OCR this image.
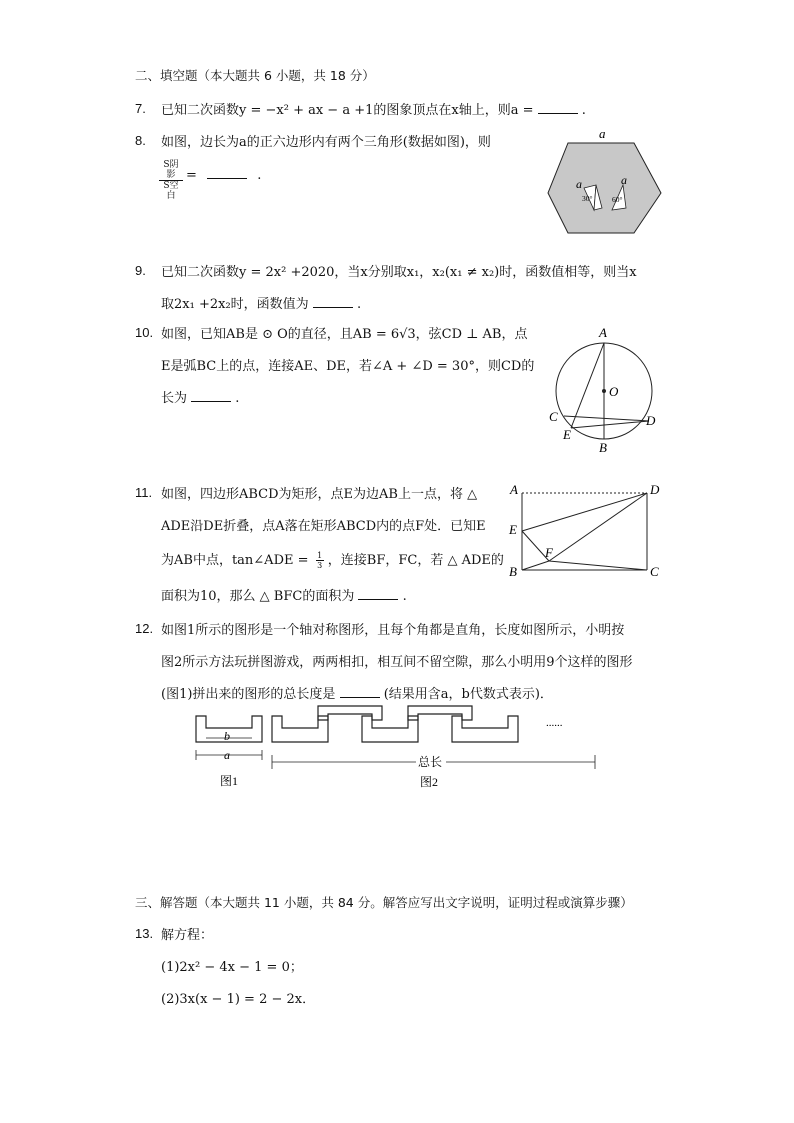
二、填空题（本大题共 6 小题，共 18 分）
7. 已知二次函数y = −x² + ax − a +1的图象顶点在x轴上，则a =	.
8. 如图，边长为a的正六边形内有两个三角形(数据如图)，则
S阴影
S空白
=	.
a
a	a
30°	60°
9. 已知二次函数y = 2x² +2020，当x分别取x₁，x₂(x₁ ≠ x₂)时，函数值相等，则当x
取2x₁ +2x₂时，函数值为	.
10. 如图，已知AB是 ⊙ O的直径，且AB = 6√3，弦CD ⊥ AB，点
E是弧BC上的点，连接AE、DE，若∠A + ∠D = 30°，则CD的
长为	.
A
O
C	D
E
B
11. 如图，四边形ABCD为矩形，点E为边AB上一点，将 △
ADE沿DE折叠，点A落在矩形ABCD内的点F处．已知E
为AB中点，tan∠ADE = $\frac{1}{3}$ ，连接BF，FC，若 △ ADE的
面积为10，那么 △ BFC的面积为	.
A	D
E
F
B	C
12. 如图1所示的图形是一个轴对称图形，且每个角都是直角，长度如图所示，小明按
图2所示方法玩拼图游戏，两两相扣，相互间不留空隙，那么小明用9个这样的图形
(图1)拼出来的图形的总长度是	(结果用含a，b代数式表示)．
b
a
图1
......
总长
图2
三、解答题（本大题共 11 小题，共 84 分。解答应写出文字说明，证明过程或演算步骤）
13. 解方程：
(1)2x² − 4x − 1 = 0；
(2)3x(x − 1) = 2 − 2x．
